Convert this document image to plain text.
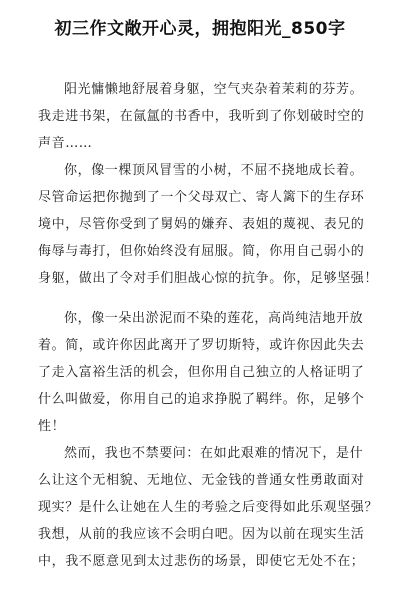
初三作文敞开心灵，拥抱阳光_850字
阳光慵懒地舒展着身躯，空气夹杂着茉莉的芬芳。
我走进书架，在氤氲的书香中，我听到了你划破时空的
声音……
你，像一棵顶风冒雪的小树，不屈不挠地成长着。
尽管命运把你抛到了一个父母双亡、寄人篱下的生存环
境中，尽管你受到了舅妈的嫌弃、表姐的蔑视、表兄的
侮辱与毒打，但你始终没有屈服。简，你用自己弱小的
身躯，做出了令对手们胆战心惊的抗争。你，足够坚强！
你，像一朵出淤泥而不染的莲花，高尚纯洁地开放
着。简，或许你因此离开了罗切斯特，或许你因此失去
了走入富裕生活的机会，但你用自己独立的人格证明了
什么叫做爱，你用自己的追求挣脱了羁绊。你，足够个
性！
然而，我也不禁要问：在如此艰难的情况下，是什
么让这个无相貌、无地位、无金钱的普通女性勇敢面对
现实？是什么让她在人生的考验之后变得如此乐观坚强？
我想，从前的我应该不会明白吧。因为以前在现实生活
中，我不愿意见到太过悲伤的场景，即使它无处不在；
